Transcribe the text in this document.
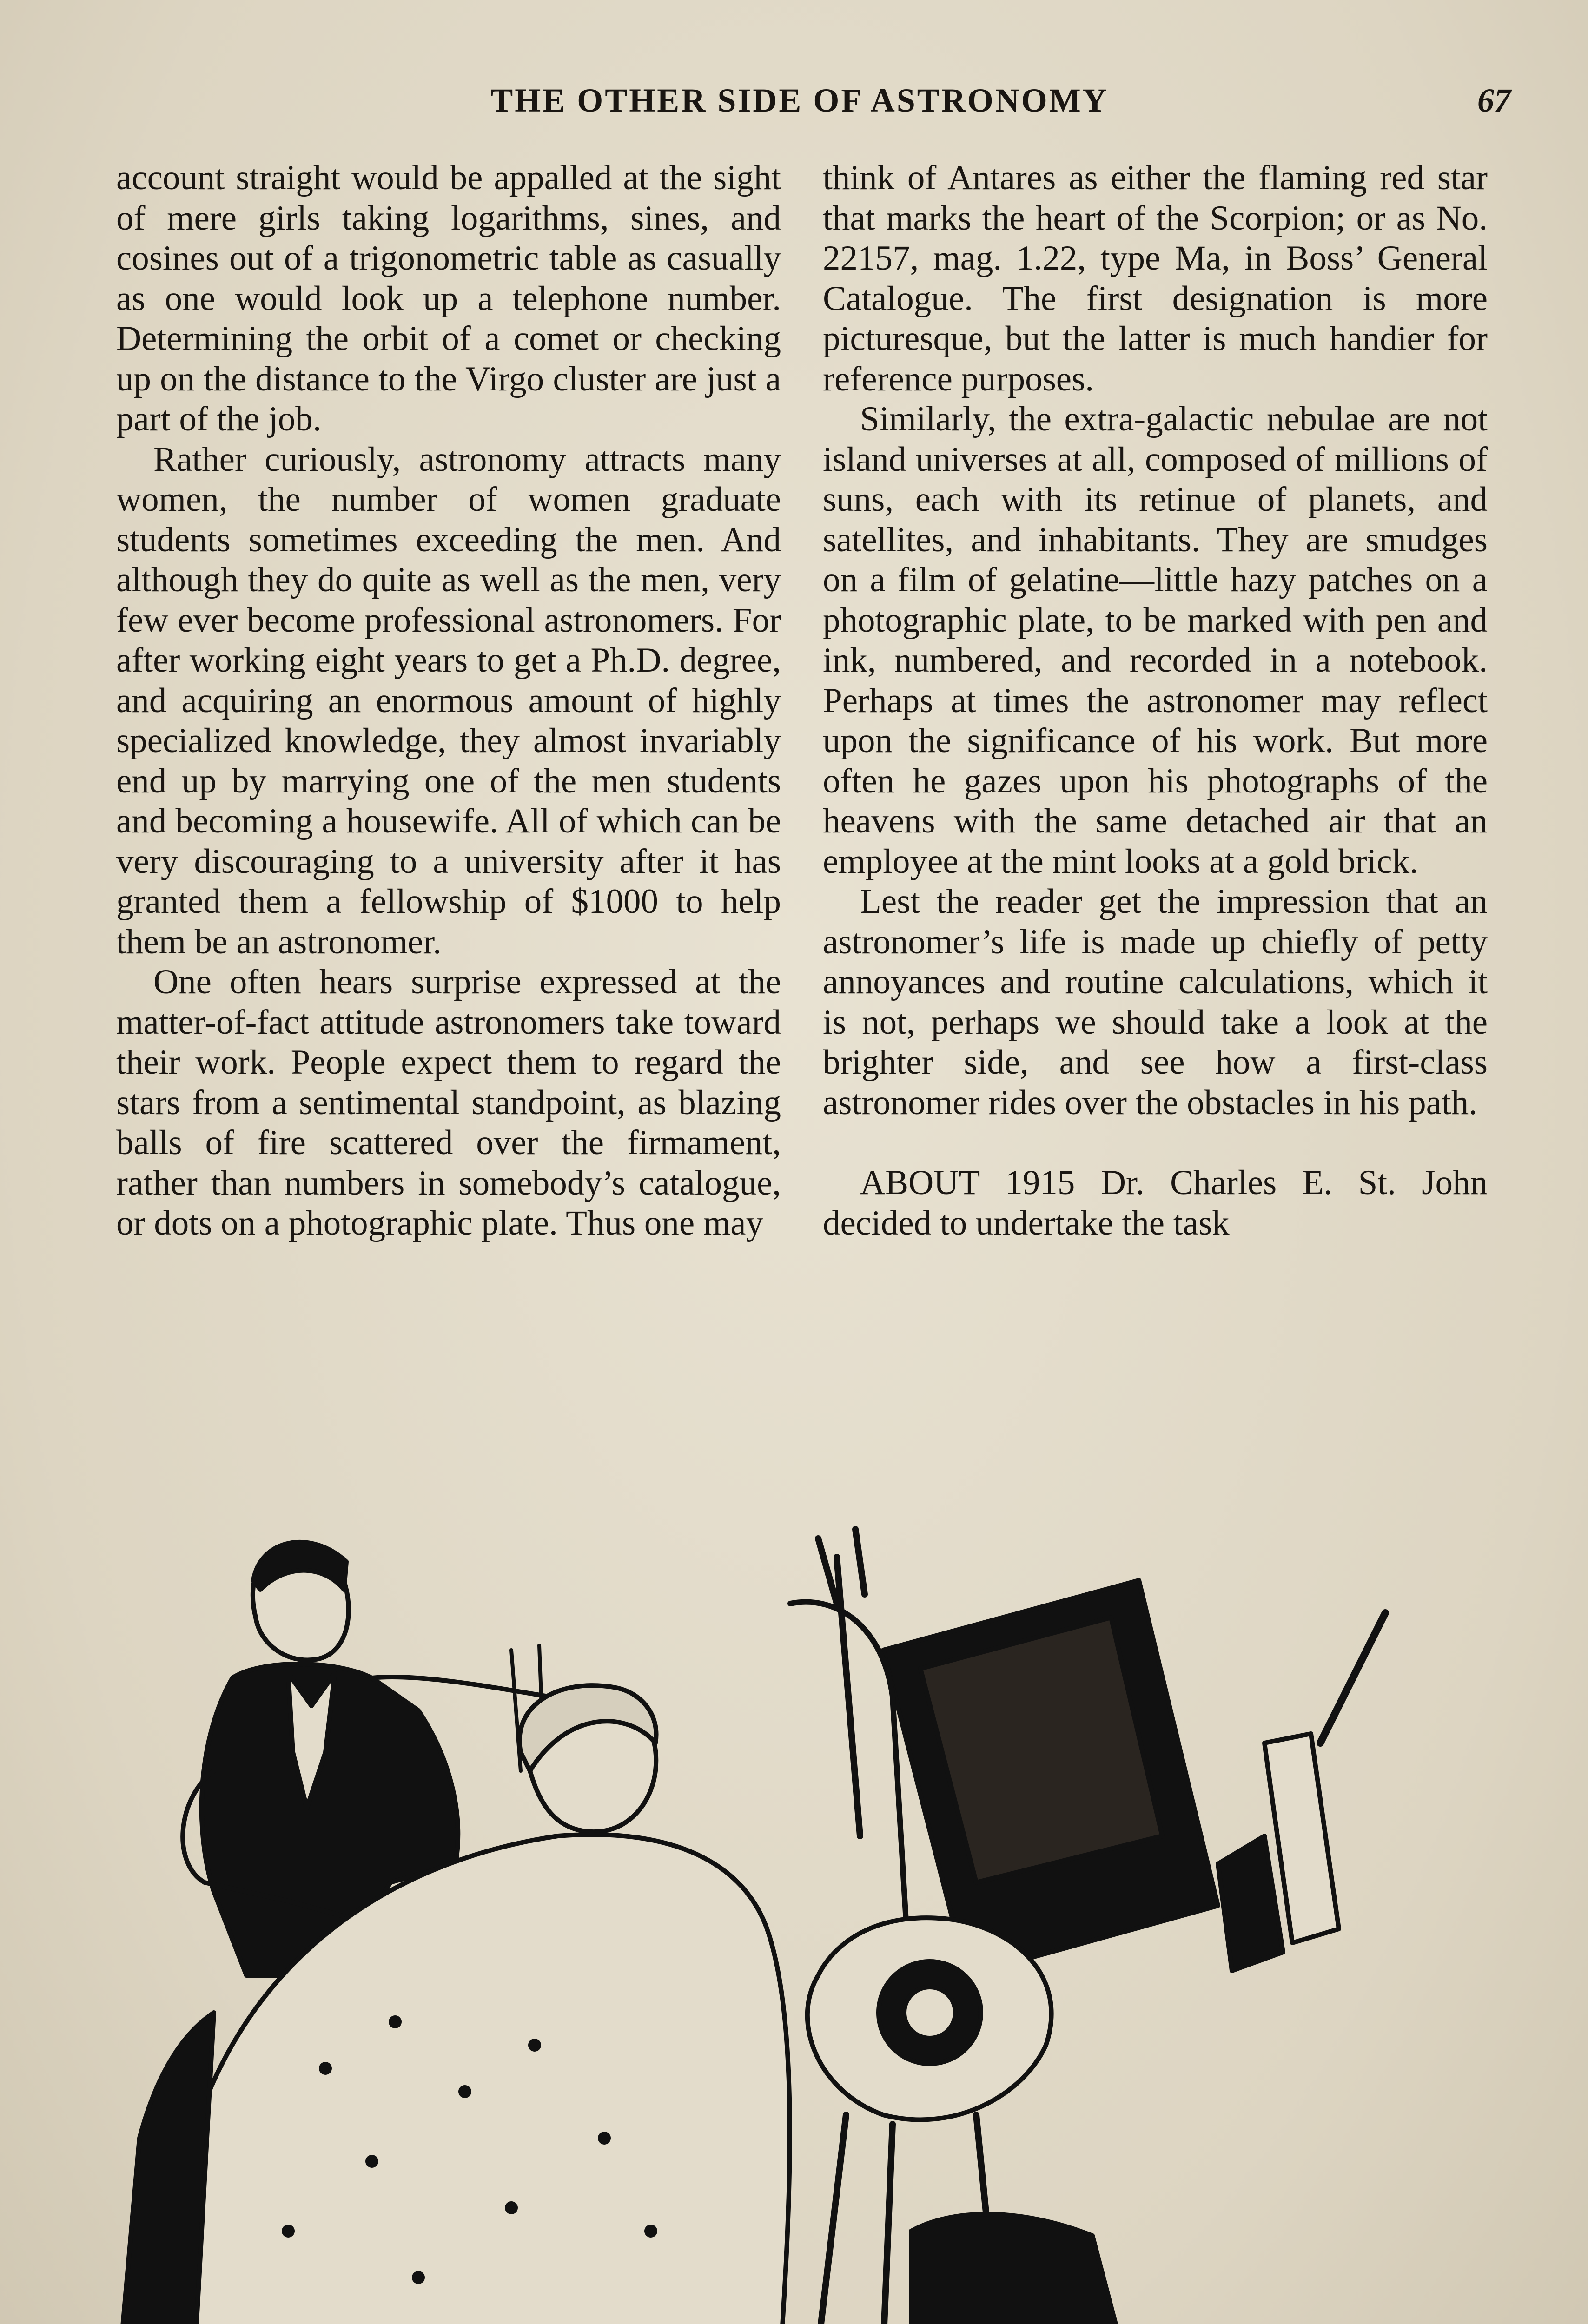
THE OTHER SIDE OF ASTRONOMY	67

account straight would be appalled at the sight of mere girls taking logarithms, sines, and cosines out of a trigonometric table as casually as one would look up a telephone number. Determining the orbit of a comet or checking up on the distance to the Virgo cluster are just a part of the job.

Rather curiously, astronomy attracts many women, the number of women graduate students sometimes exceeding the men. And although they do quite as well as the men, very few ever become professional astronomers. For after working eight years to get a Ph.D. degree, and acquiring an enormous amount of highly specialized knowledge, they almost invariably end up by marrying one of the men students and becoming a housewife. All of which can be very discouraging to a university after it has granted them a fellowship of $1000 to help them be an astronomer.

One often hears surprise expressed at the matter-of-fact attitude astronomers take toward their work. People expect them to regard the stars from a sentimental standpoint, as blazing balls of fire scattered over the firmament, rather than numbers in somebody’s catalogue, or dots on a photographic plate. Thus one may

think of Antares as either the flaming red star that marks the heart of the Scorpion; or as No. 22157, mag. 1.22, type Ma, in Boss’ General Catalogue. The first designation is more picturesque, but the latter is much handier for reference purposes.

Similarly, the extra-galactic nebulae are not island universes at all, composed of millions of suns, each with its retinue of planets, and satellites, and inhabitants. They are smudges on a film of gelatine—little hazy patches on a photographic plate, to be marked with pen and ink, numbered, and recorded in a notebook. Perhaps at times the astronomer may reflect upon the significance of his work. But more often he gazes upon his photographs of the heavens with the same detached air that an employee at the mint looks at a gold brick.

Lest the reader get the impression that an astronomer’s life is made up chiefly of petty annoyances and routine calculations, which it is not, perhaps we should take a look at the brighter side, and see how a first-class astronomer rides over the obstacles in his path.

ABOUT 1915 Dr. Charles E. St. John decided to undertake the task
